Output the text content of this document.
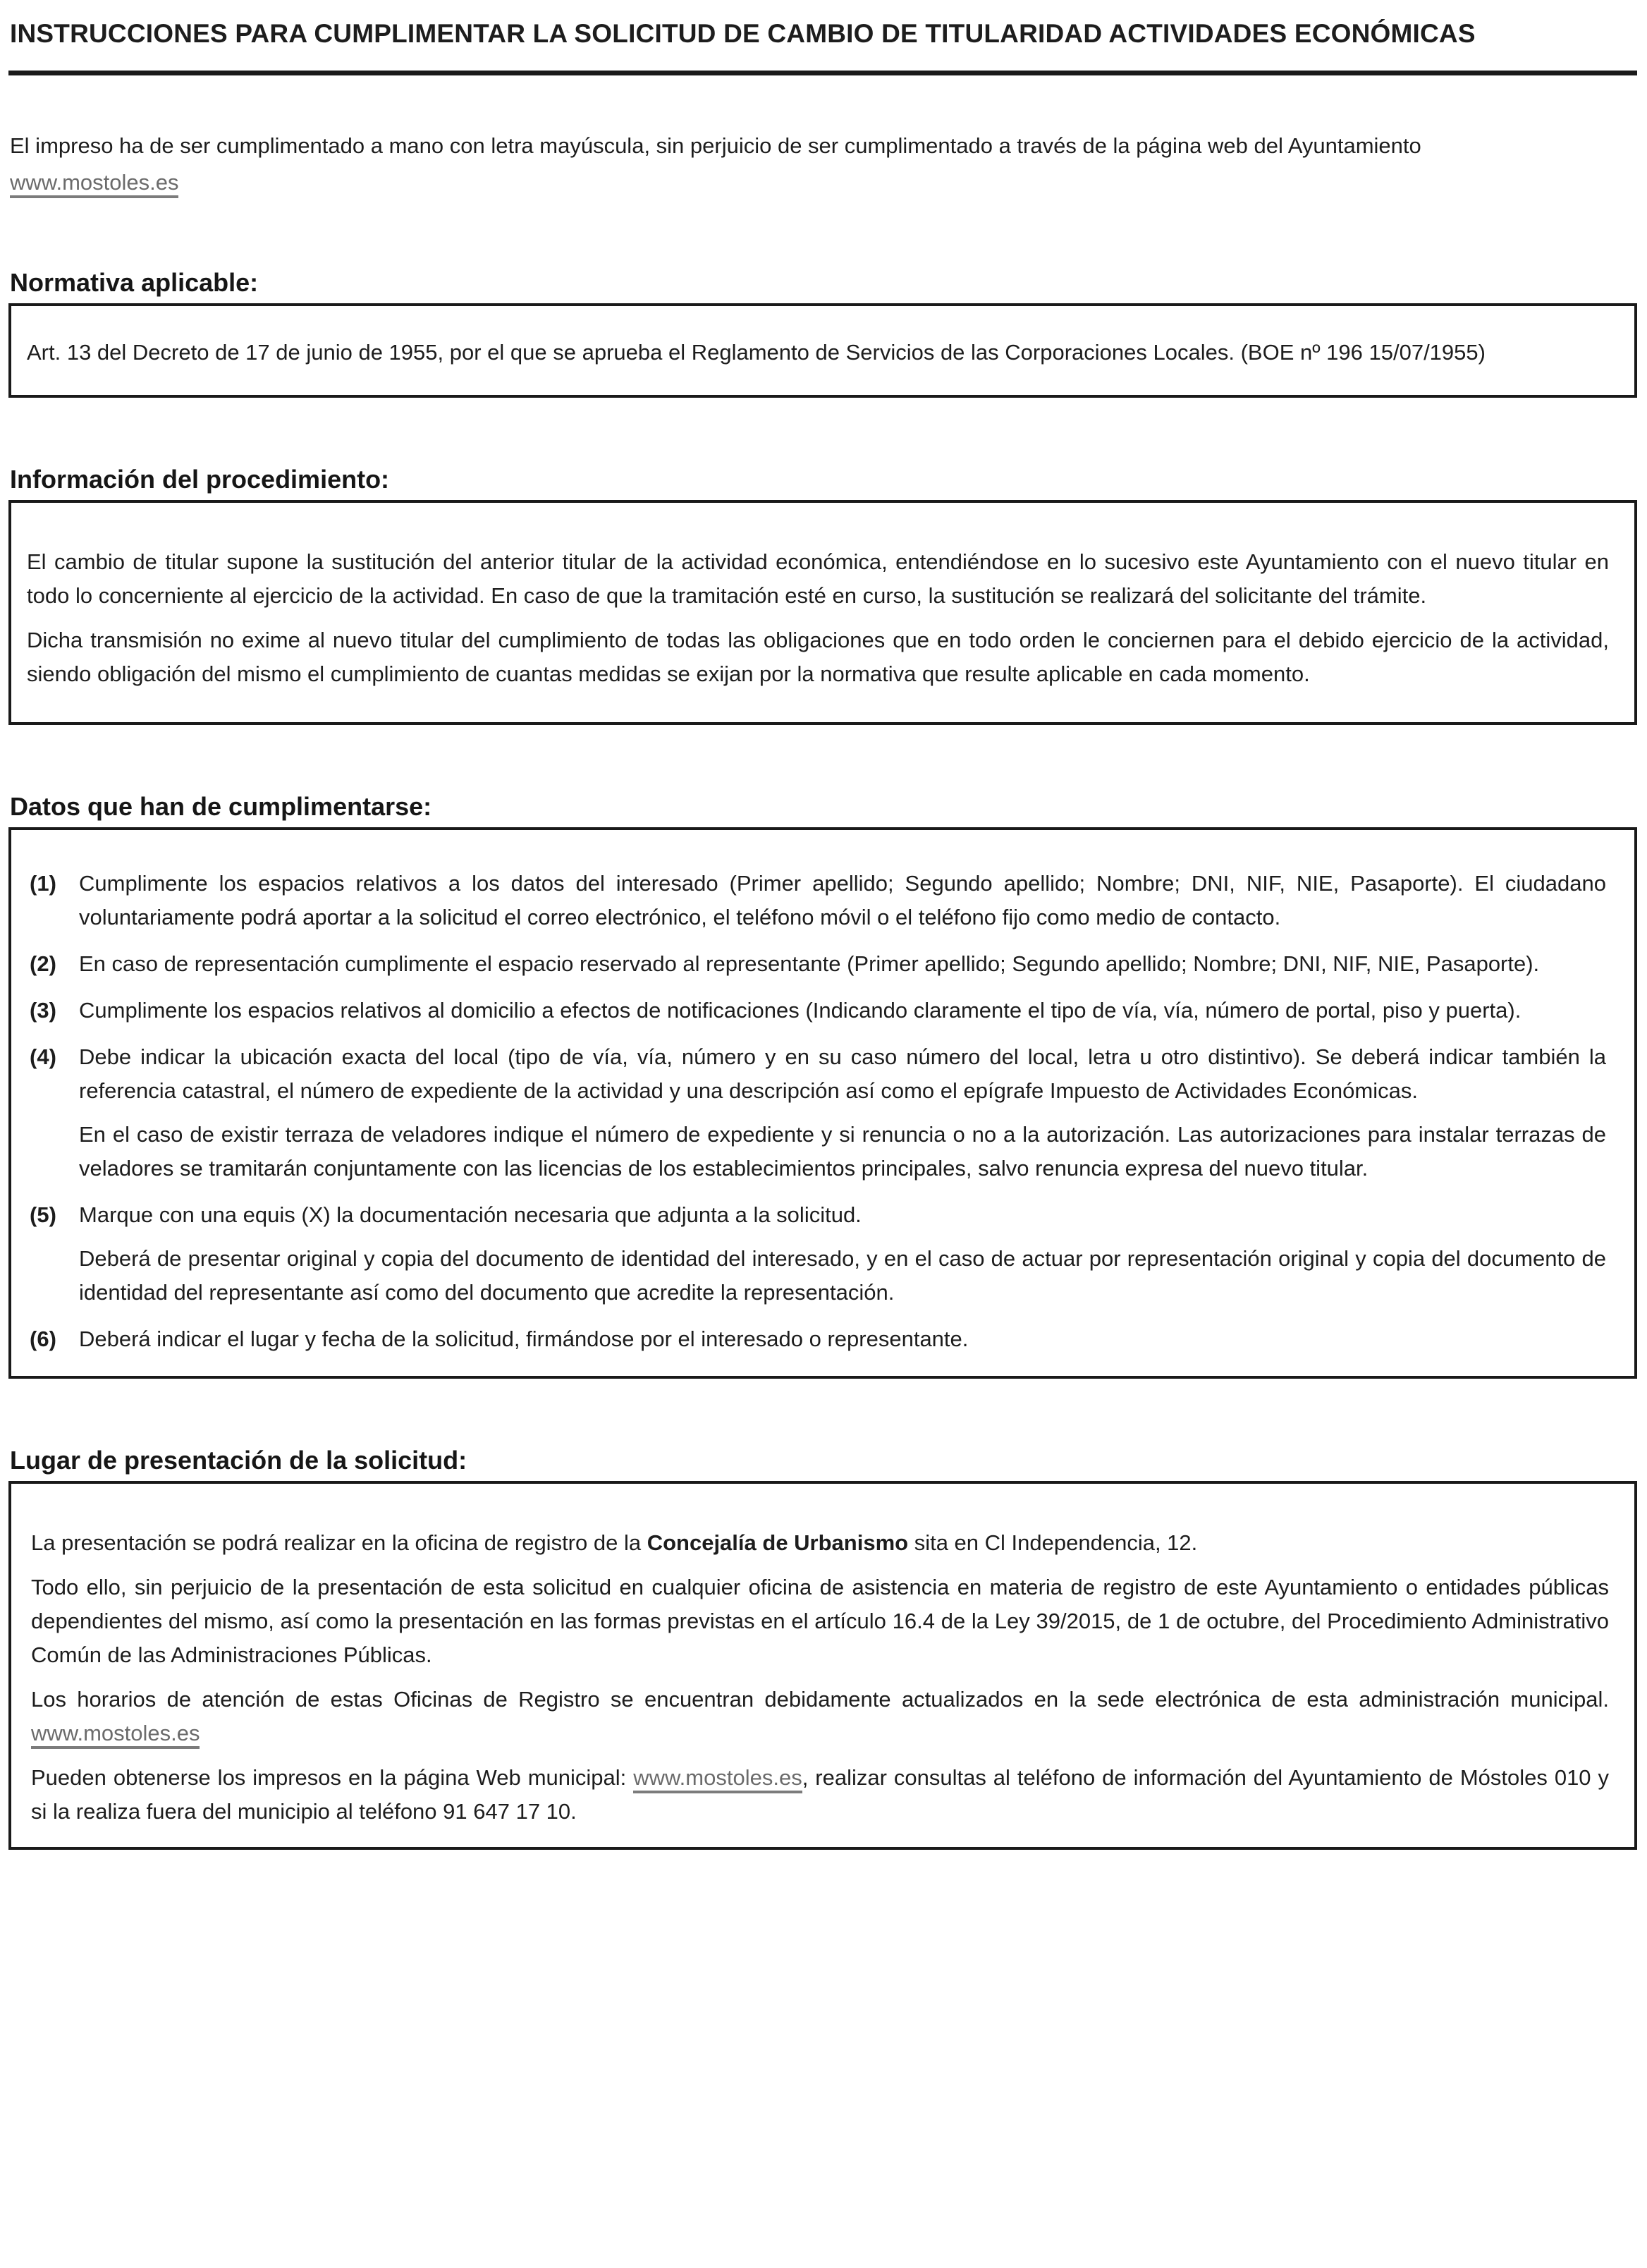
INSTRUCCIONES PARA CUMPLIMENTAR LA SOLICITUD DE CAMBIO DE TITULARIDAD ACTIVIDADES ECONÓMICAS

El impreso ha de ser cumplimentado a mano con letra mayúscula, sin perjuicio de ser cumplimentado a través de la página web del Ayuntamiento
www.mostoles.es

Normativa aplicable:

Art. 13 del Decreto de 17 de junio de 1955, por el que se aprueba el Reglamento de Servicios de las Corporaciones Locales. (BOE nº 196 15/07/1955)

Información del procedimiento:

El cambio de titular supone la sustitución del anterior titular de la actividad económica, entendiéndose en lo sucesivo este Ayuntamiento con el nuevo titular en todo lo concerniente al ejercicio de la actividad. En caso de que la tramitación esté en curso, la sustitución se realizará del solicitante del trámite.

Dicha transmisión no exime al nuevo titular del cumplimiento de todas las obligaciones que en todo orden le conciernen para el debido ejercicio de la actividad, siendo obligación del mismo el cumplimiento de cuantas medidas se exijan por la normativa que resulte aplicable en cada momento.

Datos que han de cumplimentarse:
(1)	Cumplimente los espacios relativos a los datos del interesado (Primer apellido; Segundo apellido; Nombre; DNI, NIF, NIE, Pasaporte). El ciudadano voluntariamente podrá aportar a la solicitud el correo electrónico, el teléfono móvil o el teléfono fijo como medio de contacto.

(2)	En caso de representación cumplimente el espacio reservado al representante (Primer apellido; Segundo apellido; Nombre; DNI, NIF, NIE, Pasaporte).

(3)	Cumplimente los espacios relativos al domicilio a efectos de notificaciones (Indicando claramente el tipo de vía, vía, número de portal, piso y puerta).

(4)	Debe indicar la ubicación exacta del local (tipo de vía, vía, número y en su caso número del local, letra u otro distintivo). Se deberá indicar también la referencia catastral, el número de expediente de la actividad y una descripción así como el epígrafe Impuesto de Actividades Económicas.

En el caso de existir terraza de veladores indique el número de expediente y si renuncia o no a la autorización. Las autorizaciones para instalar terrazas de veladores se tramitarán conjuntamente con las licencias de los establecimientos principales, salvo renuncia expresa del nuevo titular.

(5)	Marque con una equis (X) la documentación necesaria que adjunta a la solicitud.

Deberá de presentar original y copia del documento de identidad del interesado, y en el caso de actuar por representación original y copia del documento de identidad del representante así como del documento que acredite la representación.

(6)	Deberá indicar el lugar y fecha de la solicitud, firmándose por el interesado o representante.

Lugar de presentación de la solicitud:

La presentación se podrá realizar en la oficina de registro de la Concejalía de Urbanismo sita en Cl Independencia, 12.

Todo ello, sin perjuicio de la presentación de esta solicitud en cualquier oficina de asistencia en materia de registro de este Ayuntamiento o entidades públicas dependientes del mismo, así como la presentación en las formas previstas en el artículo 16.4 de la Ley 39/2015, de 1 de octubre, del Procedimiento Administrativo Común de las Administraciones Públicas.

Los horarios de atención de estas Oficinas de Registro se encuentran debidamente actualizados en la sede electrónica de esta administración municipal. www.mostoles.es

Pueden obtenerse los impresos en la página Web municipal: www.mostoles.es, realizar consultas al teléfono de información del Ayuntamiento de Móstoles 010 y si la realiza fuera del municipio al teléfono 91 647 17 10.
